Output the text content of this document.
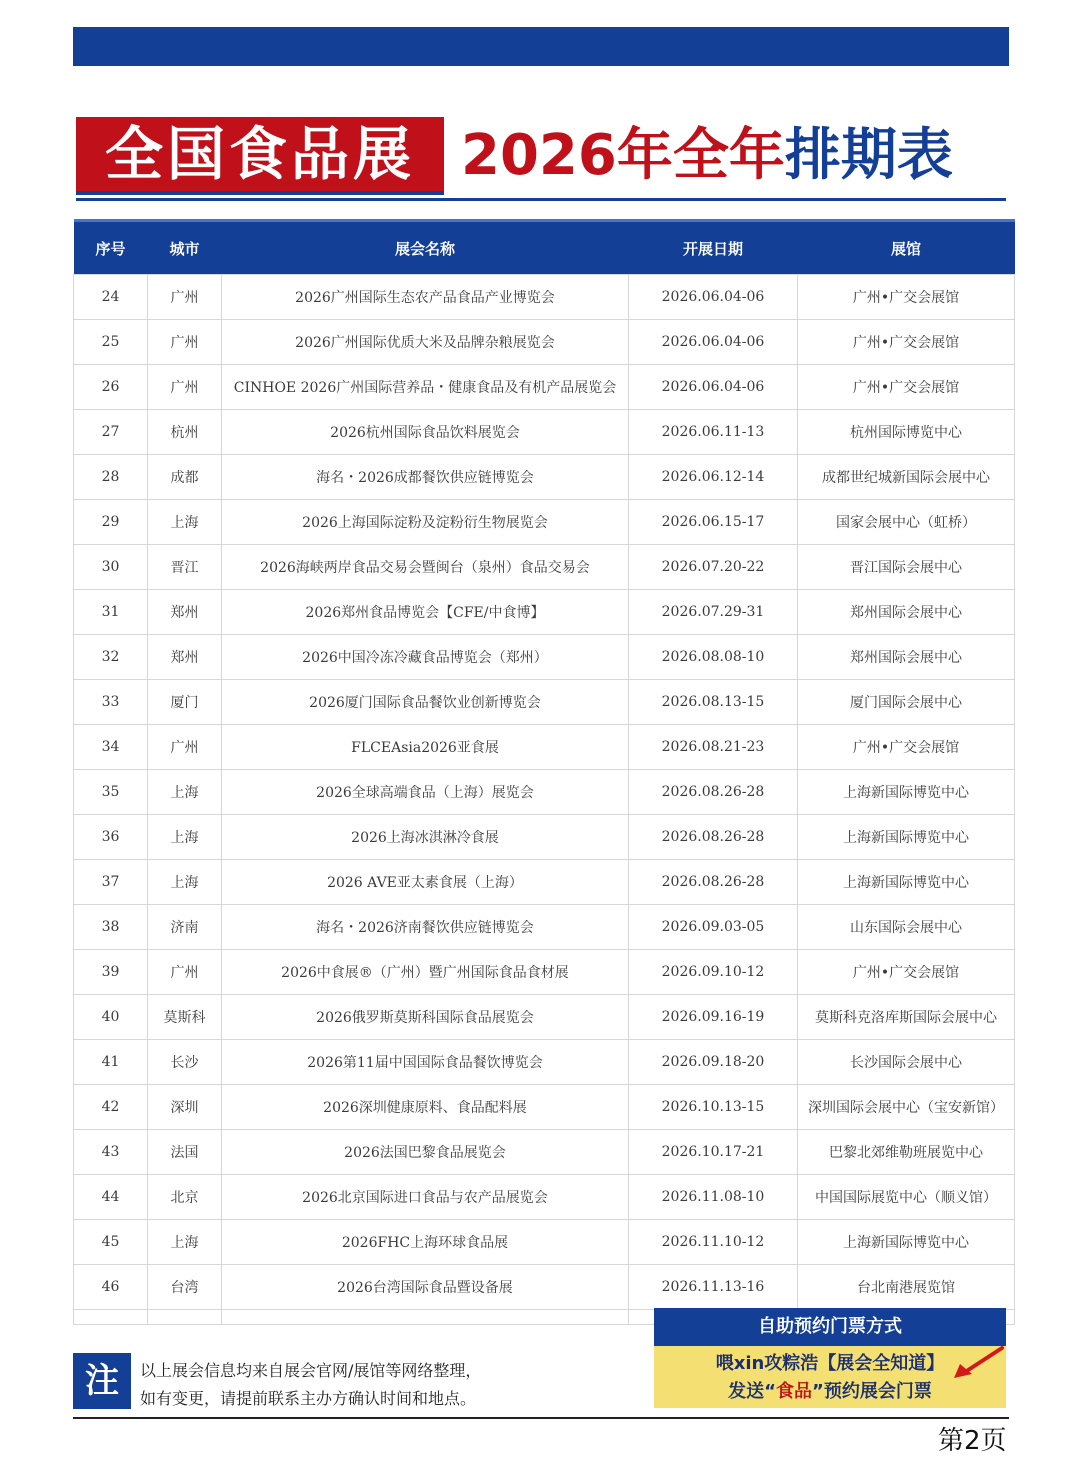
全国食品展 2026年全年排期表
序号	城市	展会名称	开展日期	展馆
24	广州	2026广州国际生态农产品食品产业博览会	2026.06.04-06	广州•广交会展馆
25	广州	2026广州国际优质大米及品牌杂粮展览会	2026.06.04-06	广州•广交会展馆
26	广州	CINHOE 2026广州国际营养品・健康食品及有机产品展览会	2026.06.04-06	广州•广交会展馆
27	杭州	2026杭州国际食品饮料展览会	2026.06.11-13	杭州国际博览中心
28	成都	海名・2026成都餐饮供应链博览会	2026.06.12-14	成都世纪城新国际会展中心
29	上海	2026上海国际淀粉及淀粉衍生物展览会	2026.06.15-17	国家会展中心（虹桥）
30	晋江	2026海峡两岸食品交易会暨闽台（泉州）食品交易会	2026.07.20-22	晋江国际会展中心
31	郑州	2026郑州食品博览会【CFE/中食博】	2026.07.29-31	郑州国际会展中心
32	郑州	2026中国冷冻冷藏食品博览会（郑州）	2026.08.08-10	郑州国际会展中心
33	厦门	2026厦门国际食品餐饮业创新博览会	2026.08.13-15	厦门国际会展中心
34	广州	FLCEAsia2026亚食展	2026.08.21-23	广州•广交会展馆
35	上海	2026全球高端食品（上海）展览会	2026.08.26-28	上海新国际博览中心
36	上海	2026上海冰淇淋冷食展	2026.08.26-28	上海新国际博览中心
37	上海	2026 AVE亚太素食展（上海）	2026.08.26-28	上海新国际博览中心
38	济南	海名・2026济南餐饮供应链博览会	2026.09.03-05	山东国际会展中心
39	广州	2026中食展®（广州）暨广州国际食品食材展	2026.09.10-12	广州•广交会展馆
40	莫斯科	2026俄罗斯莫斯科国际食品展览会	2026.09.16-19	莫斯科克洛库斯国际会展中心
41	长沙	2026第11届中国国际食品餐饮博览会	2026.09.18-20	长沙国际会展中心
42	深圳	2026深圳健康原料、食品配料展	2026.10.13-15	深圳国际会展中心（宝安新馆）
43	法国	2026法国巴黎食品展览会	2026.10.17-21	巴黎北郊维勒班展览中心
44	北京	2026北京国际进口食品与农产品展览会	2026.11.08-10	中国国际展览中心（顺义馆）
45	上海	2026FHC上海环球食品展	2026.11.10-12	上海新国际博览中心
46	台湾	2026台湾国际食品暨设备展	2026.11.13-16	台北南港展览馆

注	以上展会信息均来自展会官网/展馆等网络整理，
如有变更，请提前联系主办方确认时间和地点。
自助预约门票方式
喂xin攻粽浩【展会全知道】
发送“食品”预约展会门票
第2页
